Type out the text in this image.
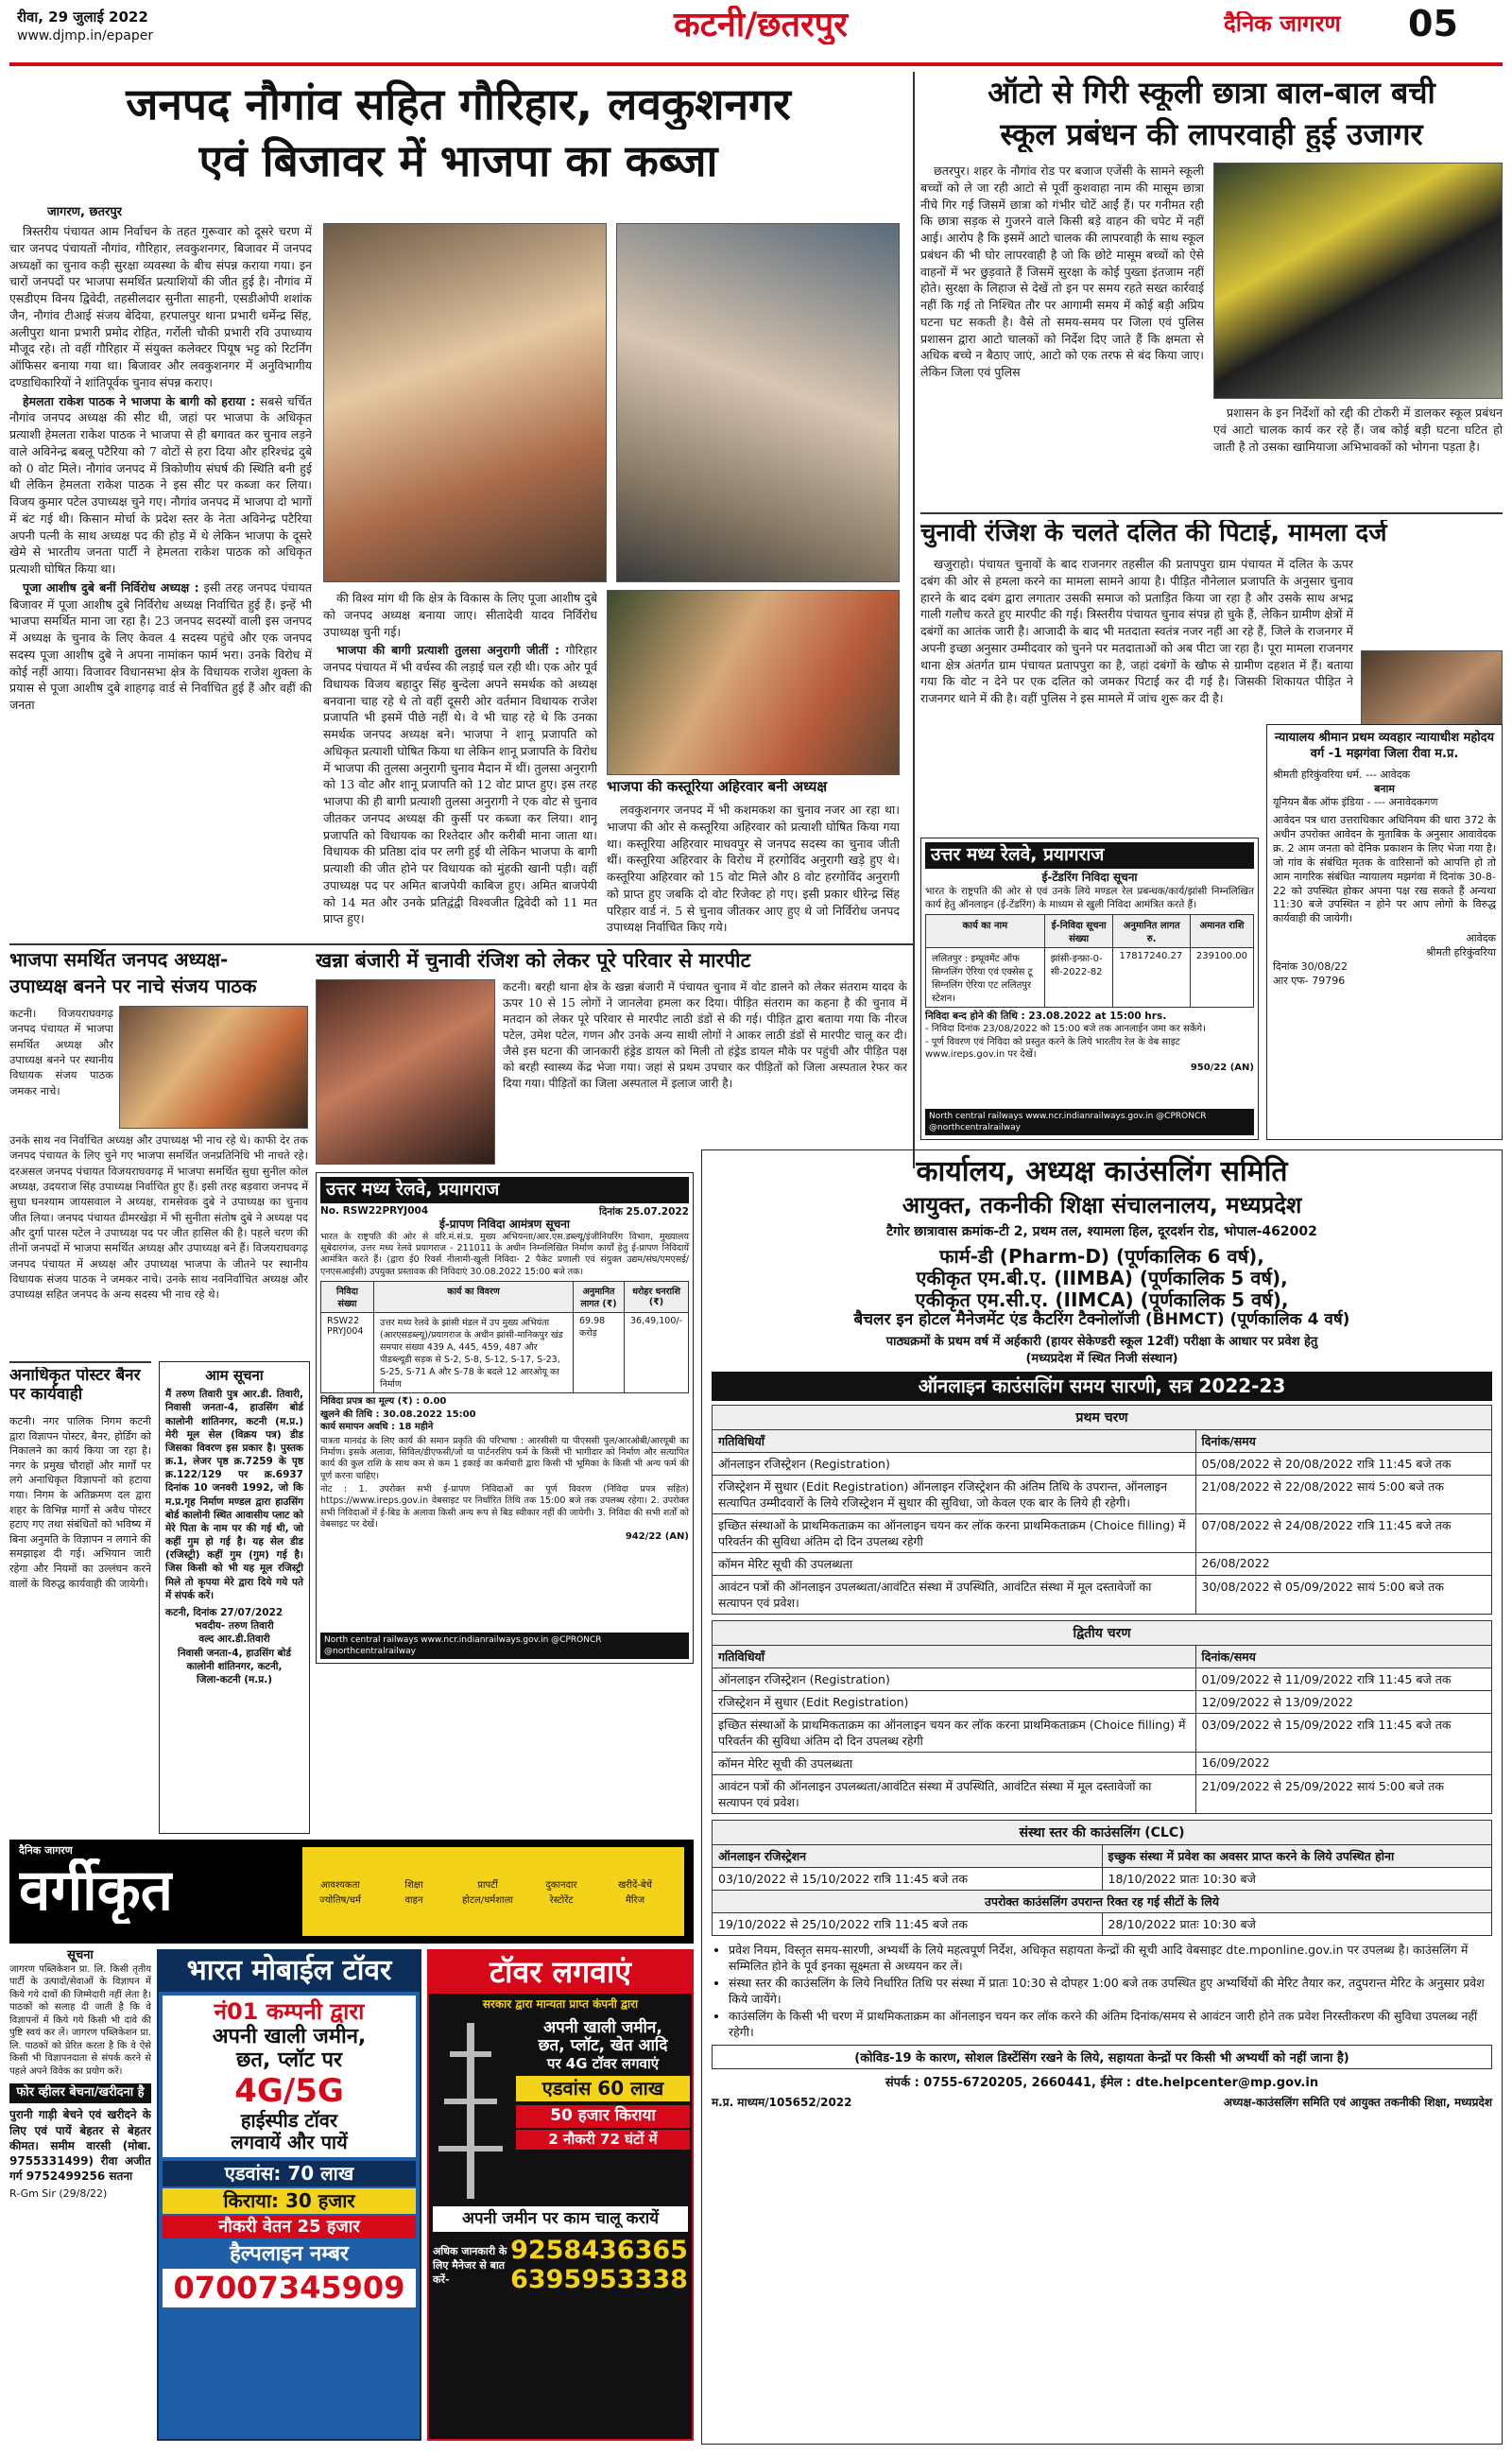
रीवा, 29 जुलाई 2022
www.djmp.in/epaper	कटनी/छतरपुर	दैनिक जागरण 05
जनपद नौगांव सहित गौरिहार, लवकुशनगर
एवं बिजावर में भाजपा का कब्जा
जागरण, छतरपुर

त्रिस्तरीय पंचायत आम निर्वाचन के तहत गुरूवार को दूसरे चरण में चार जनपद पंचायतों नौगांव, गौरिहार, लवकुशनगर, बिजावर में जनपद अध्यक्षों का चुनाव कड़ी सुरक्षा व्यवस्था के बीच संपन्न कराया गया। इन चारों जनपदों पर भाजपा समर्थित प्रत्याशियों की जीत हुई है। नौगांव में एसडीएम विनय द्विवेदी, तहसीलदार सुनीता साहनी, एसडीओपी शशांक जैन, नौगांव टीआई संजय बेदिया, हरपालपुर थाना प्रभारी धर्मेन्द्र सिंह, अलीपुरा थाना प्रभारी प्रमोद रोहित, गर्रोली चौकी प्रभारी रवि उपाध्याय मौजूद रहे। तो वहीं गौरिहार में संयुक्त कलेक्टर पियूष भट्ट को रिटर्निंग ऑफिसर बनाया गया था। बिजावर और लवकुशनगर में अनुविभागीय दण्डाधिकारियों ने शांतिपूर्वक चुनाव संपन्न कराए।

हेमलता राकेश पाठक ने भाजपा के बागी को हराया : सबसे चर्चित नौगांव जनपद अध्यक्ष की सीट थी, जहां पर भाजपा के अधिकृत प्रत्याशी हेमलता राकेश पाठक ने भाजपा से ही बगावत कर चुनाव लड़ने वाले अविनेन्द्र बबलू पटैरिया को 7 वोटों से हरा दिया और हरिश्चंद्र दुबे को 0 वोट मिले। नौगांव जनपद में त्रिकोणीय संघर्ष की स्थिति बनी हुई थी लेकिन हेमलता राकेश पाठक ने इस सीट पर कब्जा कर लिया। विजय कुमार पटेल उपाध्यक्ष चुने गए। नौगांव जनपद में भाजपा दो भागों में बंट गई थी। किसान मोर्चा के प्रदेश स्तर के नेता अविनेन्द्र पटैरिया अपनी पत्नी के साथ अध्यक्ष पद की होड़ में थे लेकिन भाजपा के दूसरे खेमे से भारतीय जनता पार्टी ने हेमलता राकेश पाठक को अधिकृत प्रत्याशी घोषित किया था।

पूजा आशीष दुबे बनीं निर्विरोध अध्यक्ष : इसी तरह जनपद पंचायत बिजावर में पूजा आशीष दुबे निर्विरोध अध्यक्ष निर्वाचित हुई हैं। इन्हें भी भाजपा समर्थित माना जा रहा है। 23 जनपद सदस्यों वाली इस जनपद में अध्यक्ष के चुनाव के लिए केवल 4 सदस्य पहुंचे और एक जनपद सदस्य पूजा आशीष दुबे ने अपना नामांकन फार्म भरा। उनके विरोध में कोई नहीं आया। विजावर विधानसभा क्षेत्र के विधायक राजेश शुक्ला के प्रयास से पूजा आशीष दुबे शाहगढ़ वार्ड से निर्वाचित हुई हैं और वहीं की जनता

की विश्व मांग थी कि क्षेत्र के विकास के लिए पूजा आशीष दुबे को जनपद अध्यक्ष बनाया जाए। सीतादेवी यादव निर्विरोध उपाध्यक्ष चुनी गई।

भाजपा की बागी प्रत्याशी तुलसा अनुरागी जीतीं : गौरिहार जनपद पंचायत में भी वर्चस्व की लड़ाई चल रही थी। एक ओर पूर्व विधायक विजय बहादुर सिंह बुन्देला अपने समर्थक को अध्यक्ष बनवाना चाह रहे थे तो वहीं दूसरी ओर वर्तमान विधायक राजेश प्रजापति भी इसमें पीछे नहीं थे। वे भी चाह रहे थे कि उनका समर्थक जनपद अध्यक्ष बने। भाजपा ने शानू प्रजापति को अधिकृत प्रत्याशी घोषित किया था लेकिन शानू प्रजापति के विरोध में भाजपा की तुलसा अनुरागी चुनाव मैदान में थीं। तुलसा अनुरागी को 13 वोट और शानू प्रजापति को 12 वोट प्राप्त हुए। इस तरह भाजपा की ही बागी प्रत्याशी तुलसा अनुरागी ने एक वोट से चुनाव जीतकर जनपद अध्यक्ष की कुर्सी पर कब्जा कर लिया। शानू प्रजापति को विधायक का रिश्तेदार और करीबी माना जाता था। विधायक की प्रतिष्ठा दांव पर लगी हुई थी लेकिन भाजपा के बागी प्रत्याशी की जीत होने पर विधायक को मुंहकी खानी पड़ी। वहीं उपाध्यक्ष पद पर अमित बाजपेयी काबिज हुए। अमित बाजपेयी को 14 मत और उनके प्रतिद्वंद्वी विश्वजीत द्विवेदी को 11 मत प्राप्त हुए।

भाजपा की कस्तूरिया अहिरवार बनी अध्यक्ष

लवकुशनगर जनपद में भी कशमकश का चुनाव नजर आ रहा था। भाजपा की ओर से कस्तूरिया अहिरवार को प्रत्याशी घोषित किया गया था। कस्तूरिया अहिरवार माधवपुर से जनपद सदस्य का चुनाव जीती थीं। कस्तूरिया अहिरवार के विरोध में हरगोविंद अनुरागी खड़े हुए थे। कस्तूरिया अहिरवार को 15 वोट मिले और 8 वोट हरगोविंद अनुरागी को प्राप्त हुए जबकि दो वोट रिजेक्ट हो गए। इसी प्रकार धीरेन्द्र सिंह परिहार वार्ड नं. 5 से चुनाव जीतकर आए हुए थे जो निर्विरोध जनपद उपाध्यक्ष निर्वाचित किए गये।

ऑटो से गिरी स्कूली छात्रा बाल-बाल बची
स्कूल प्रबंधन की लापरवाही हुई उजागर

छतरपुर। शहर के नौगांव रोड पर बजाज एजेंसी के सामने स्कूली बच्चों को ले जा रही आटो से पूर्वी कुशवाहा नाम की मासूम छात्रा नीचे गिर गई जिसमें छात्रा को गंभीर चोटें आईं हैं। पर गनीमत रही कि छात्रा सड़क से गुजरने वाले किसी बड़े वाहन की चपेट में नहीं आई। आरोप है कि इसमें आटो चालक की लापरवाही के साथ स्कूल प्रबंधन की भी घोर लापरवाही है जो कि छोटे मासूम बच्चों को ऐसे वाहनों में भर छुड़वाते हैं जिसमें सुरक्षा के कोई पुख्ता इंतजाम नहीं होते। सुरक्षा के लिहाज से देखें तो इन पर समय रहते सख्त कार्रवाई नहीं कि गई तो निश्चित तौर पर आगामी समय में कोई बड़ी अप्रिय घटना घट सकती है। वैसे तो समय-समय पर जिला एवं पुलिस प्रशासन द्वारा आटो चालकों को निर्देश दिए जाते हैं कि क्षमता से अधिक बच्चे न बैठाए जाएं, आटो को एक तरफ से बंद किया जाए। लेकिन जिला एवं पुलिस

प्रशासन के इन निर्देशों को रद्दी की टोकरी में डालकर स्कूल प्रबंधन एवं आटो चालक कार्य कर रहे हैं। जब कोई बड़ी घटना घटित हो जाती है तो उसका खामियाजा अभिभावकों को भोगना पड़ता है।

चुनावी रंजिश के चलते दलित की पिटाई, मामला दर्ज

खजुराहो। पंचायत चुनावों के बाद राजनगर तहसील की प्रतापपुरा ग्राम पंचायत में दलित के ऊपर दबंग की ओर से हमला करने का मामला सामने आया है। पीड़ित नौनेलाल प्रजापति के अनुसार चुनाव हारने के बाद दबंग द्वारा लगातार उसकी समाज को प्रताड़ित किया जा रहा है और उसके साथ अभद्र गाली गलौच करते हुए मारपीट की गई। त्रिस्तरीय पंचायत चुनाव संपन्न हो चुके हैं, लेकिन ग्रामीण क्षेत्रों में दबंगों का आतंक जारी है। आजादी के बाद भी मतदाता स्वतंत्र नजर नहीं आ रहे हैं, जिले के राजनगर में अपनी इच्छा अनुसार उम्मीदवार को चुनने पर मतदाताओं को अब पीटा जा रहा है। पूरा मामला राजनगर थाना क्षेत्र अंतर्गत ग्राम पंचायत प्रतापपुरा का है, जहां दबंगों के खौफ से ग्रामीण दहशत में हैं। बताया गया कि वोट न देने पर एक दलित को जमकर पिटाई कर दी गई है। जिसकी शिकायत पीड़ित ने राजनगर थाने में की है। वहीं पुलिस ने इस मामले में जांच शुरू कर दी है।

न्यायालय श्रीमान प्रथम व्यवहार न्यायाधीश महोदय वर्ग -1 मझगंवा जिला रीवा म.प्र.
श्रीमती हरिकुंवरिया धर्म. --- आवेदक
बनाम
यूनियन बैंक ऑफ इंडिया - --- अनावेदकगण
आवेदन पत्र धारा उत्तराधिकार अधिनियम की धारा 372 के अधीन उपरोक्त आवेदन के मुताबिक के अनुसार आवावेदक क्र. 2 आम जनता को देनिक प्रकाशन के लिए भेजा गया है। जो गांव के संबंधित मृतक के वारिसानों को आपत्ति हो तो आम नागरिक संबंधित न्यायालय मझगंवा में दिनांक 30-8-22 को उपस्थित होकर अपना पक्ष रख सकते हैं अन्यथा 11:30 बजे उपस्थित न होने पर आप लोगों के विरुद्ध कार्यवाही की जायेगी।
आवेदक
श्रीमती हरिकुंवरिया
दिनांक 30/08/22
आर एफ- 79796
उत्तर मध्य रेलवे, प्रयागराज
ई-टेंडरिंग निविदा सूचना
भारत के राष्ट्रपति की ओर से एवं उनके लिये मण्डल रेल प्रबन्धक/कार्य/झांसी निम्नलिखित कार्य हेतु ऑनलाइन (ई-टेंडरिंग) के माध्यम से खुली निविदा आमंत्रित करते हैं।
कार्य का नाम	ई-निविदा सूचना संख्या	अनुमानित लागत रु.	अमानत राशि
ललितपुर : इम्प्रूवमेंट ऑफ सिग्नलिंग ऐरिया एवं एक्सेस टू सिग्नलिंग ऐरिया एट ललितपुर स्टेशन।	झांसी-इन्फ्रा-0-सी-2022-82	17817240.27	239100.00
निविदा बन्द होने की तिथि : 23.08.2022 at 15:00 hrs.
- निविदा दिनांक 23/08/2022 को 15:00 बजे तक आनलाईन जमा कर सकेंगे।
- पूर्ण विवरण एवं निविदा को प्रस्तुत करने के लिये भारतीय रेल के वेब साइट www.ireps.gov.in पर देखें।
950/22 (AN)
North central railways www.ncr.indianrailways.gov.in @CPRONCR @northcentralrailway
भाजपा समर्थित जनपद अध्यक्ष-
उपाध्यक्ष बनने पर नाचे संजय पाठक
कटनी। विजयराघवगढ़ जनपद पंचायत में भाजपा समर्थित अध्यक्ष और उपाध्यक्ष बनने पर स्थानीय विधायक संजय पाठक जमकर नाचे।
उनके साथ नव निर्वाचित अध्यक्ष और उपाध्यक्ष भी नाच रहे थे। काफी देर तक जनपद पंचायत के लिए चुने गए भाजपा समर्थित जनप्रतिनिधि भी नाचते रहे। दरअसल जनपद पंचायत विजयराघवगढ़ में भाजपा समर्थित सुधा सुनील कोल अध्यक्ष, उदयराज सिंह उपाध्यक्ष निर्वाचित हुए हैं। इसी तरह बड़वारा जनपद में सुधा घनश्याम जायसवाल ने अध्यक्ष, रामसेवक दुबे ने उपाध्यक्ष का चुनाव जीत लिया। जनपद पंचायत ढीमरखेड़ा में भी सुनीता संतोष दुबे ने अध्यक्ष पद और दुर्गा पारस पटेल ने उपाध्यक्ष पद पर जीत हासिल की है। पहले चरण की तीनों जनपदों में भाजपा समर्थित अध्यक्ष और उपाध्यक्ष बने हैं। विजयराघवगढ़ जनपद पंचायत में अध्यक्ष और उपाध्यक्ष भाजपा के जीतने पर स्थानीय विधायक संजय पाठक ने जमकर नाचे। उनके साथ नवनिर्वाचित अध्यक्ष और उपाध्यक्ष सहित जनपद के अन्य सदस्य भी नाच रहे थे।
खन्ना बंजारी में चुनावी रंजिश को लेकर पूरे परिवार से मारपीट
कटनी। बरही थाना क्षेत्र के खन्ना बंजारी में पंचायत चुनाव में वोट डालने को लेकर संतराम यादव के ऊपर 10 से 15 लोगों ने जानलेवा हमला कर दिया। पीड़ित संतराम का कहना है की चुनाव में मतदान को लेकर पूरे परिवार से मारपीट लाठी डंडों से की गई। पीड़ित द्वारा बताया गया कि नीरज पटेल, उमेश पटेल, गणन और उनके अन्य साथी लोगों ने आकर लाठी डंडों से मारपीट चालू कर दी। जैसे इस घटना की जानकारी हंड्रेड डायल को मिली तो हंड्रेड डायल मौके पर पहुंची और पीड़ित पक्ष को बरही स्वास्थ्य केंद्र भेजा गया। जहां से प्रथम उपचार कर पीड़ितों को जिला अस्पताल रेफर कर दिया गया। पीड़ितों का जिला अस्पताल में इलाज जारी है।
उत्तर मध्य रेलवे, प्रयागराज
No. RSW22PRYJ004	दिनांक 25.07.2022
ई-प्रापण निविदा आमंत्रण सूचना
भारत के राष्ट्रपति की ओर से वरि.मं.सं.प्र. मुख्य अभियन्ता/आर.एस.डब्ल्यू/इंजीनियरिंग विभाग, मुख्यालय सूबेदारगंज, उत्तर मध्य रेलवे प्रयागराज - 211011 के अधीन निम्नलिखित निर्माण कार्यों हेतु ई-प्रापण निविदायें आमंत्रित करते हैं। (द्वारा ई0 रिवर्स नीलामी-खुली निविदा- 2 पैकेट प्रणाली एवं संयुक्त उद्यम/संघ/एमएसई/एनएसआईसी) उपयुक्त प्रस्तावक की निविदाएं 30.08.2022 15:00 बजे तक।
निविदा संख्या	कार्य का विवरण	अनुमानित लागत (₹)	धरोहर धनराशि (₹)
RSW22 PRYJ004	उत्तर मध्य रेलवे के झांसी मंडल में उप मुख्य अभियंता (आरएसडब्ल्यू)/प्रयागराज के अधीन झांसी-मानिकपुर खंड समपार संख्या 439 A, 445, 459, 487 और पीडब्ल्यूडी सड़क से S-2, S-8, S-12, S-17, S-23, S-25, S-71 A और S-78 के बदले 12 आरओयू का निर्माण	69.98 करोड़	36,49,100/-
निविदा प्रपत्र का मूल्य (₹) : 0.00
खुलने की तिथि : 30.08.2022 15:00
कार्य समापन अवधि : 18 महीने
पात्रता मानदंड के लिए कार्य की समान प्रकृति की परिभाषा : आरसीसी या पीएससी पुल/आरओबी/आरयूबी का निर्माण। इसके अलावा, सिविल/डीएफसी/जो या पार्टनरशिप फर्म के किसी भी भागीदार को निर्माण और सत्यापित कार्य की कुल राशि के साथ कम से कम 1 इकाई का कर्मचारी द्वारा किसी भी भूमिका के किसी भी अन्य फर्म की पूर्ण करना चाहिए।
नोट : 1. उपरोक्त सभी ई-प्रापण निविदाओं का पूर्ण विवरण (निविदा प्रपत्र सहित) https://www.ireps.gov.in वेबसाइट पर निर्धारित तिथि तक 15:00 बजे तक उपलब्ध रहेगा। 2. उपरोक्त सभी निविदाओं में ई-बिड के अलावा किसी अन्य रूप से बिड स्वीकार नहीं की जायेगी। 3. निविदा की सभी शर्तों को वेबसाइट पर देखें।
942/22 (AN)
North central railways www.ncr.indianrailways.gov.in @CPRONCR @northcentralrailway
अनाधिकृत पोस्टर बैनर पर कार्यवाही
कटनी। नगर पालिक निगम कटनी द्वारा विज्ञापन पोस्टर, बैनर, होर्डिंग को निकालने का कार्य किया जा रहा है। नगर के प्रमुख चौराहों और मार्गों पर लगे अनाधिकृत विज्ञापनों को हटाया गया। निगम के अतिक्रमण दल द्वारा शहर के विभिन्न मार्गों से अवैध पोस्टर हटाए गए तथा संबंधितों को भविष्य में बिना अनुमति के विज्ञापन न लगाने की समझाइश दी गई। अभियान जारी रहेगा और नियमों का उल्लंघन करने वालों के विरुद्ध कार्यवाही की जायेगी।
आम सूचना
मैं तरुण तिवारी पुत्र आर.डी. तिवारी, निवासी जनता-4, हाउसिंग बोर्ड कालोनी शांतिनगर, कटनी (म.प्र.) मेरी मूल सेल (विक्रय पत्र) डीड जिसका विवरण इस प्रकार है। पुस्तक क्र.1, लेजर पृष्ठ क्र.7259 के पृष्ठ क्र.122/129 पर क्र.6937 दिनांक 10 जनवरी 1992, जो कि म.प्र.गृह निर्माण मण्डल द्वारा हाउसिंग बोर्ड कालोनी स्थित आवासीय प्लाट को मेरे पिता के नाम पर की गई थी, जो कहीं गुम हो गई है। यह सेल डीड (रजिस्ट्री) कहीं गुम (गुम) गई है। जिस किसी को भी यह मूल रजिस्ट्री मिले तो कृपया मेरे द्वारा दिये गये पते में संपर्क करें।
कटनी, दिनांक 27/07/2022
भवदीय- तरुण तिवारी
वल्द आर.डी.तिवारी
निवासी जनता-4, हाउसिंग बोर्ड
कालोनी शांतिनगर, कटनी,
जिला-कटनी (म.प्र.)
कार्यालय, अध्यक्ष काउंसलिंग समिति
आयुक्त, तकनीकी शिक्षा संचालनालय, मध्यप्रदेश
टैगोर छात्रावास क्रमांक-टी 2, प्रथम तल, श्यामला हिल, दूरदर्शन रोड, भोपाल-462002
फार्म-डी (Pharm-D) (पूर्णकालिक 6 वर्ष),
एकीकृत एम.बी.ए. (IIMBA) (पूर्णकालिक 5 वर्ष),
एकीकृत एम.सी.ए. (IIMCA) (पूर्णकालिक 5 वर्ष),
बैचलर इन होटल मैनेजमेंट एंड कैटरिंग टैक्नोलॉजी (BHMCT) (पूर्णकालिक 4 वर्ष)
पाठ्यक्रमों के प्रथम वर्ष में अर्हकारी (हायर सेकेण्डरी स्कूल 12वीं) परीक्षा के आधार पर प्रवेश हेतु
(मध्यप्रदेश में स्थित निजी संस्थान)
ऑनलाइन काउंसलिंग समय सारणी, सत्र 2022-23
प्रथम चरण	
गतिविधियाँ	दिनांक/समय
ऑनलाइन रजिस्ट्रेशन (Registration)	05/08/2022 से 20/08/2022 रात्रि 11:45 बजे तक
रजिस्ट्रेशन में सुधार (Edit Registration) ऑनलाइन रजिस्ट्रेशन की अंतिम तिथि के उपरान्त, ऑनलाइन सत्यापित उम्मीदवारों के लिये रजिस्ट्रेशन में सुधार की सुविधा, जो केवल एक बार के लिये ही रहेगी।	21/08/2022 से 22/08/2022 सायं 5:00 बजे तक
इच्छित संस्थाओं के प्राथमिकताक्रम का ऑनलाइन चयन कर लॉक करना प्राथमिकताक्रम (Choice filling) में परिवर्तन की सुविधा अंतिम दो दिन उपलब्ध रहेगी	07/08/2022 से 24/08/2022 रात्रि 11:45 बजे तक
कॉमन मेरिट सूची की उपलब्धता	26/08/2022
आवंटन पत्रों की ऑनलाइन उपलब्धता/आवंटित संस्था में उपस्थिति, आवंटित संस्था में मूल दस्तावेजों का सत्यापन एवं प्रवेश।	30/08/2022 से 05/09/2022 सायं 5:00 बजे तक
द्वितीय चरण	
गतिविधियाँ	दिनांक/समय
ऑनलाइन रजिस्ट्रेशन (Registration)	01/09/2022 से 11/09/2022 रात्रि 11:45 बजे तक
रजिस्ट्रेशन में सुधार (Edit Registration)	12/09/2022 से 13/09/2022
इच्छित संस्थाओं के प्राथमिकताक्रम का ऑनलाइन चयन कर लॉक करना प्राथमिकताक्रम (Choice filling) में परिवर्तन की सुविधा अंतिम दो दिन उपलब्ध रहेगी	03/09/2022 से 15/09/2022 रात्रि 11:45 बजे तक
कॉमन मेरिट सूची की उपलब्धता	16/09/2022
आवंटन पत्रों की ऑनलाइन उपलब्धता/आवंटित संस्था में उपस्थिति, आवंटित संस्था में मूल दस्तावेजों का सत्यापन एवं प्रवेश।	21/09/2022 से 25/09/2022 सायं 5:00 बजे तक
संस्था स्तर की काउंसलिंग (CLC)	
ऑनलाइन रजिस्ट्रेशन	इच्छुक संस्था में प्रवेश का अवसर प्राप्त करने के लिये उपस्थित होना
03/10/2022 से 15/10/2022 रात्रि 11:45 बजे तक	18/10/2022 प्रातः 10:30 बजे
उपरोक्त काउंसलिंग उपरान्त रिक्त रह गई सीटों के लिये	
19/10/2022 से 25/10/2022 रात्रि 11:45 बजे तक	28/10/2022 प्रातः 10:30 बजे
• प्रवेश नियम, विस्तृत समय-सारणी, अभ्यर्थी के लिये महत्वपूर्ण निर्देश, अधिकृत सहायता केन्द्रों की सूची आदि वेबसाइट dte.mponline.gov.in पर उपलब्ध है। काउंसलिंग में सम्मिलित होने के पूर्व इनका सूक्ष्मता से अध्ययन कर लें।
• संस्था स्तर की काउंसलिंग के लिये निर्धारित तिथि पर संस्था में प्रातः 10:30 से दोपहर 1:00 बजे तक उपस्थित हुए अभ्यर्थियों की मेरिट तैयार कर, तदुपरान्त मेरिट के अनुसार प्रवेश किये जायेंगे।
• काउंसलिंग के किसी भी चरण में प्राथमिकताक्रम का ऑनलाइन चयन कर लॉक करने की अंतिम दिनांक/समय से आवंटन जारी होने तक प्रवेश निरस्तीकरण की सुविधा उपलब्ध नहीं रहेगी।
(कोविड-19 के कारण, सोशल डिस्टेंसिंग रखने के लिये, सहायता केन्द्रों पर किसी भी अभ्यर्थी को नहीं जाना है)
संपर्क : 0755-6720205, 2660441, ईमेल : dte.helpcenter@mp.gov.in
म.प्र. माध्यम/105652/2022	अध्यक्ष-काउंसलिंग समिति एवं आयुक्त तकनीकी शिक्षा, मध्यप्रदेश
दैनिक जागरण
वर्गीकृत	आवश्यकता	शिक्षा	प्रापर्टी	दुकानदार	खरीदें-बेचें
ज्योतिष/धर्म	वाहन	होटल/धर्मशाला	रेस्टोरेंट	मैरिज
सूचना
जागरण पब्लिकेशन प्रा. लि. किसी तृतीय पार्टी के उत्पादों/सेवाओं के विज्ञापन में किये गये दावों की जिम्मेदारी नहीं लेता है। पाठकों को सलाह दी जाती है कि वे विज्ञापनों में किये गये किसी भी दावे की पुष्टि स्वयं कर लें। जागरण पब्लिकेशन प्रा. लि. पाठकों को प्रेरित करता है कि वे ऐसे किसी भी विज्ञापनदाता से संपर्क करने से पहले अपने विवेक का प्रयोग करें।
फोर व्हीलर बेचना/खरीदना है
पुरानी गाड़ी बेचने एवं खरीदने के लिए एवं पायें बेहतर से बेहतर कीमत। समीम वारसी (मोबा. 9755331499) रीवा अजीत गर्ग 9752499256 सतना
R-Gm Sir (29/8/22)
भारत मोबाईल टॉवर
नं01 कम्पनी द्वारा
अपनी खाली जमीन,
छत, प्लॉट पर
4G/5G
हाईस्पीड टॉवर
लगवायें और पायें
एडवांस: 70 लाख
किराया: 30 हजार
नौकरी वेतन 25 हजार
हैल्पलाइन नम्बर
07007345909
टॉवर लगवाएं
सरकार द्वारा मान्यता प्राप्त कंपनी द्वारा
अपनी खाली जमीन,
छत, प्लॉट, खेत आदि
पर 4G टॉवर लगवाएं
एडवांस 60 लाख
50 हजार किराया
2 नौकरी 72 घंटों में
अपनी जमीन पर काम चालू करायें
अधिक जानकारी के लिए मैनेजर से बात करें-
9258436365
6395953338
